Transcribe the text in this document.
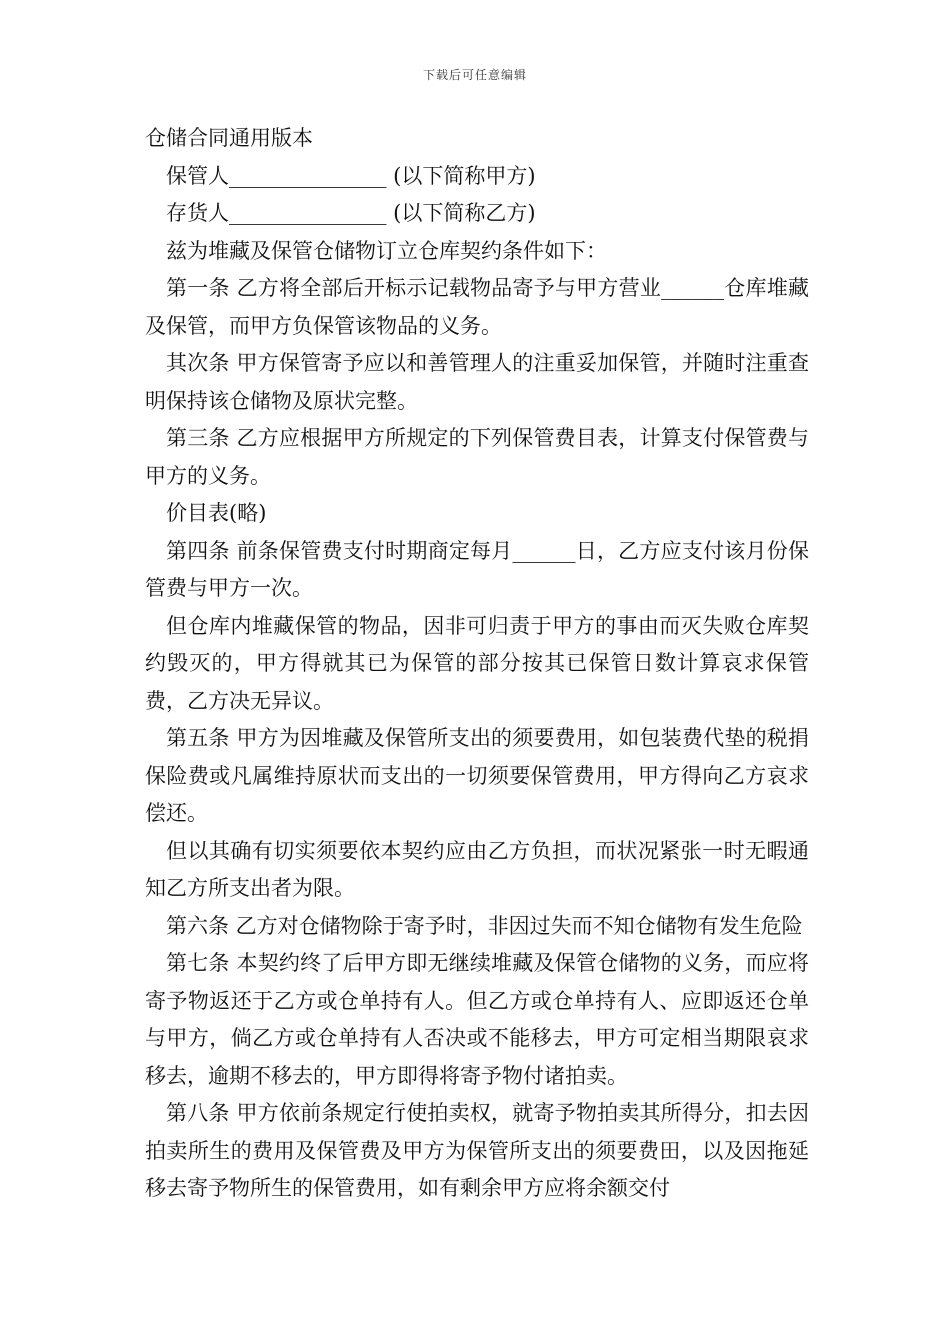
下载后可任意编辑

仓储合同通用版本

保管人_______________ (以下简称甲方)

存货人_______________ (以下简称乙方)

兹为堆藏及保管仓储物订立仓库契约条件如下：

第一条 乙方将全部后开标示记载物品寄予与甲方营业______仓库堆藏及保管，而甲方负保管该物品的义务。

其次条 甲方保管寄予应以和善管理人的注重妥加保管，并随时注重查明保持该仓储物及原状完整。

第三条 乙方应根据甲方所规定的下列保管费目表，计算支付保管费与甲方的义务。

价目表(略)

第四条 前条保管费支付时期商定每月______日，乙方应支付该月份保管费与甲方一次。

但仓库内堆藏保管的物品，因非可归责于甲方的事由而灭失败仓库契约毁灭的，甲方得就其已为保管的部分按其已保管日数计算哀求保管费，乙方决无异议。

第五条 甲方为因堆藏及保管所支出的须要费用，如包装费代垫的税捐保险费或凡属维持原状而支出的一切须要保管费用，甲方得向乙方哀求偿还。

但以其确有切实须要依本契约应由乙方负担，而状况紧张一时无暇通知乙方所支出者为限。

第六条 乙方对仓储物除于寄予时，非因过失而不知仓储物有发生危险

第七条 本契约终了后甲方即无继续堆藏及保管仓储物的义务，而应将寄予物返还于乙方或仓单持有人。但乙方或仓单持有人、应即返还仓单与甲方，倘乙方或仓单持有人否决或不能移去，甲方可定相当期限哀求移去，逾期不移去的，甲方即得将寄予物付诸拍卖。

第八条 甲方依前条规定行使拍卖权，就寄予物拍卖其所得分，扣去因拍卖所生的费用及保管费及甲方为保管所支出的须要费田，以及因拖延移去寄予物所生的保管费用，如有剩余甲方应将余额交付
